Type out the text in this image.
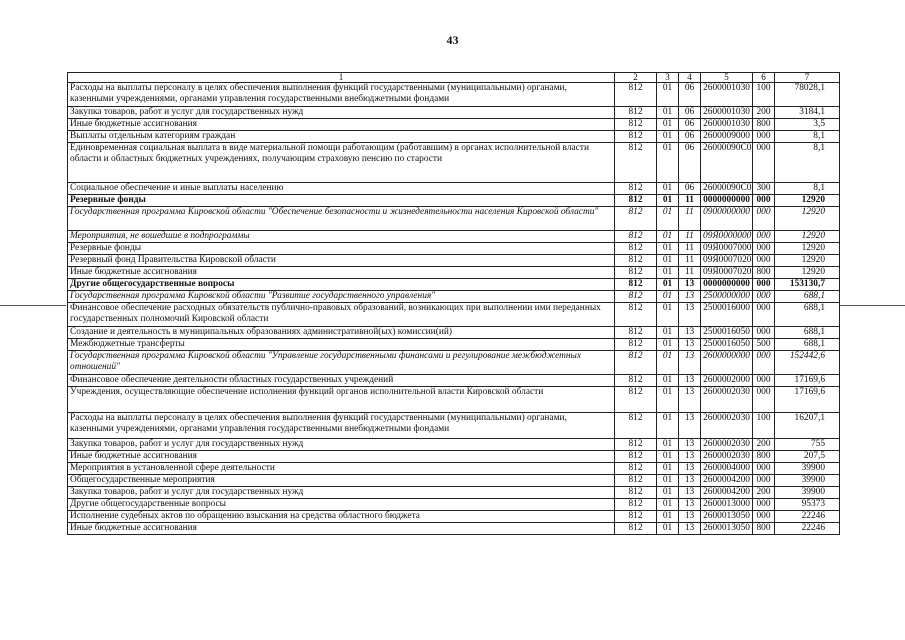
43
1	2	3	4	5	6	7
Расходы на выплаты персоналу в целях обеспечения выполнения функций государственными (муниципальными) органами, казенными учреждениями, органами управления государственными внебюджетными фондами	812	01	06	2600001030	100	78028,1
Закупка товаров, работ и услуг для государственных нужд	812	01	06	2600001030	200	3184,1
Иные бюджетные ассигнования	812	01	06	2600001030	800	3,5
Выплаты отдельным категориям граждан	812	01	06	2600009000	000	8,1
Единовременная социальная выплата в виде материальной помощи работающим (работавшим) в органах исполнительной власти области и областных бюджетных учреждениях, получающим страховую пенсию по старости	812	01	06	26000090С0	000	8,1
Социальное обеспечение и иные выплаты населению	812	01	06	26000090С0	300	8,1
Резервные фонды	812	01	11	0000000000	000	12920
Государственная программа Кировской области "Обеспечение безопасности и жизнедеятельности населения Кировской области"	812	01	11	0900000000	000	12920
Мероприятия, не вошедшие в подпрограммы	812	01	11	09Я0000000	000	12920
Резервные фонды	812	01	11	09Я0007000	000	12920
Резервный фонд Правительства Кировской области	812	01	11	09Я0007020	000	12920
Иные бюджетные ассигнования	812	01	11	09Я0007020	800	12920
Другие общегосударственные вопросы	812	01	13	0000000000	000	153130,7
Государственная программа Кировской области "Развитие государственного управления"	812	01	13	2500000000	000	688,1
Финансовое обеспечение расходных обязательств публично-правовых образований, возникающих при выполнении ими переданных государственных полномочий Кировской области	812	01	13	2500016000	000	688,1
Создание и деятельность в муниципальных образованиях административной(ых) комиссии(ий)	812	01	13	2500016050	000	688,1
Межбюджетные трансферты	812	01	13	2500016050	500	688,1
Государственная программа Кировской области "Управление государственными финансами и регулирование межбюджетных отношений"	812	01	13	2600000000	000	152442,6
Финансовое обеспечение деятельности областных государственных учреждений	812	01	13	2600002000	000	17169,6
Учреждения, осуществляющие обеспечение исполнения функций органов исполнительной власти Кировской области	812	01	13	2600002030	000	17169,6
Расходы на выплаты персоналу в целях обеспечения выполнения функций государственными (муниципальными) органами, казенными учреждениями, органами управления государственными внебюджетными фондами	812	01	13	2600002030	100	16207,1
Закупка товаров, работ и услуг для государственных нужд	812	01	13	2600002030	200	755
Иные бюджетные ассигнования	812	01	13	2600002030	800	207,5
Мероприятия в установленной сфере деятельности	812	01	13	2600004000	000	39900
Общегосударственные мероприятия	812	01	13	2600004200	000	39900
Закупка товаров, работ и услуг для государственных нужд	812	01	13	2600004200	200	39900
Другие общегосударственные вопросы	812	01	13	2600013000	000	95373
Исполнение судебных актов по обращению взыскания на средства областного бюджета	812	01	13	2600013050	000	22246
Иные бюджетные ассигнования	812	01	13	2600013050	800	22246
